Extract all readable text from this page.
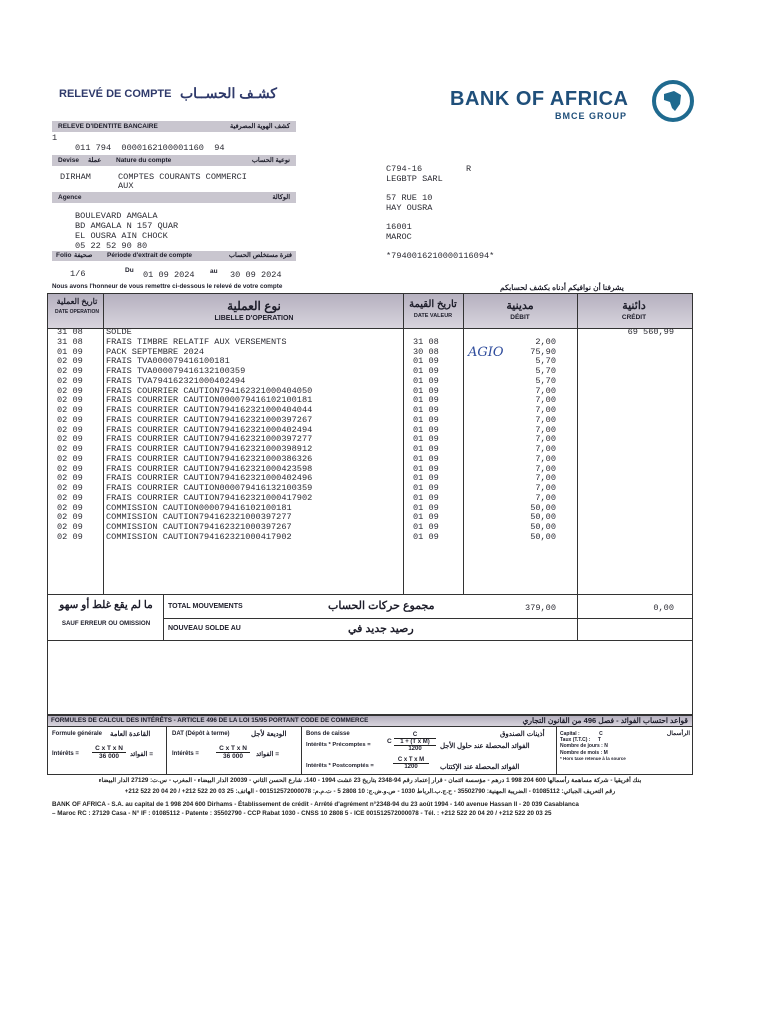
RELEVÉ DE COMPTE كشـف الحســاب	BANK OF AFRICA
BMCE GROUP
RELEVE D'IDENTITE BANCAIRE	كشف الهوية المصرفية
1
011 794  0000162100001160  94
Devise عملة Nature du compte	نوعية الحساب
DIRHAM	COMPTES COURANTS COMMERCI
AUX
Agence	الوكالة
BOULEVARD AMGALA
BD AMGALA N 157 QUAR
EL OUSRA AIN CHOCK
05 22 52 90 80
Folio صحيفة Période d'extrait de compte	فترة مستخلص الحساب
1/6	Du 01 09 2024 au 30 09 2024
Nous avons l'honneur de vous remettre ci-dessous le relevé de votre compte	يشرفنا أن نوافيكم أدناه بكشف لحسابكم
C794-16	R
LEGBTP SARL
57 RUE 10
HAY OUSRA
16001
MAROC
*7940016210000116094*
تاريخ العملية
DATE OPERATION	نوع العملية
LIBELLE D'OPERATION
تاريخ القيمة
DATE VALEUR
مدينية
DÉBIT
دائنية
CRÉDIT
31 08	SOLDE	69 560,99
31 08	FRAIS TIMBRE RELATIF AUX VERSEMENTS	31 08	2,00
01 09	PACK SEPTEMBRE 2024	30 08	75,90
02 09	FRAIS TVA000079416100181	01 09	5,70
02 09	FRAIS TVA000079416132100359	01 09	5,70
02 09	FRAIS TVA794162321000402494	01 09	5,70
02 09	FRAIS COURRIER CAUTION794162321000404050	01 09	7,00
02 09	FRAIS COURRIER CAUTION000079416102100181	01 09	7,00
02 09	FRAIS COURRIER CAUTION794162321000404044	01 09	7,00
02 09	FRAIS COURRIER CAUTION794162321000397267	01 09	7,00
02 09	FRAIS COURRIER CAUTION794162321000402494	01 09	7,00
02 09	FRAIS COURRIER CAUTION794162321000397277	01 09	7,00
02 09	FRAIS COURRIER CAUTION794162321000398912	01 09	7,00
02 09	FRAIS COURRIER CAUTION794162321000386326	01 09	7,00
02 09	FRAIS COURRIER CAUTION794162321000423598	01 09	7,00
02 09	FRAIS COURRIER CAUTION794162321000402496	01 09	7,00
02 09	FRAIS COURRIER CAUTION000079416132100359	01 09	7,00
02 09	FRAIS COURRIER CAUTION794162321000417902	01 09	7,00
02 09	COMMISSION CAUTION000079416102100181	01 09	50,00
02 09	COMMISSION CAUTION794162321000397277	01 09	50,00
02 09	COMMISSION CAUTION794162321000397267	01 09	50,00
02 09	COMMISSION CAUTION794162321000417902	01 09	50,00
ما لم يقع غلط أو سهو
SAUF ERREUR OU OMISSION
TOTAL MOUVEMENTS	مجموع حركات الحساب	379,00	0,00
NOUVEAU SOLDE AU	رصيد جديد في
AGIO
FORMULES DE CALCUL DES INTÉRÊTS - ARTICLE 496 DE LA LOI 15/95 PORTANT CODE DE COMMERCE	قواعد احتساب الفوائد - فصل 496 من القانون التجاري
Formule générale القاعدة العامة
Intérêts = $\frac{\text{C x T x N}}{36 000}$ = الفوائد
DAT (Dépôt à terme)	الوديعة لأجل
Intérêts =	$\frac{\text{C x T x N}}{36 000}$ = الفوائد
Bons de caisse	أذينات الصندوق
Intérêts * Précomptes =	C
C
1 + (T x M)
1200	الفوائد المحصلة عند حلول الأجل
Intérêts * Postcomptés =	$\frac{\text{C x T x M}}{1200}$ الفوائد المحصلة عند الإكتتاب
Capital :	C	الرأسمال
Taux (T.T.C) : T
Nombre de jours : N
Nombre de mois : M
* Hors taxe retenue à la source
بنك أفريقيا - شركة مساهمة رأسمالها 600 204 998 1 درهم - مؤسسة ائتمان - قرار إعتماد رقم 94-2348 بتاريخ 23 غشت 1994 - 140، شارع الحسن الثاني - 20039 الدار البيضاء - المغرب - س.ت: 27129 الدار البيضاء
رقم التعريف الجبائي: 01085112 - الضريبة المهنية: 35502790 - ح.ج.ب.الرباط 1030 - ص.و.ض.ج: 10 2808 5 - ت.م.م: 001512572000078 - الهاتف: 25 03 20 522 212+ / 20 04 20 522 212+
BANK OF AFRICA - S.A. au capital de 1 998 204 600 Dirhams - Établissement de crédit - Arrêté d'agrément n°2348-94 du 23 août 1994 - 140 avenue Hassan II - 20 039 Casablanca
– Maroc RC : 27129 Casa - N° IF : 01085112 - Patente : 35502790 - CCP Rabat 1030 - CNSS 10 2808 5 - ICE 001512572000078 - Tél. : +212 522 20 04 20 / +212 522 20 03 25
